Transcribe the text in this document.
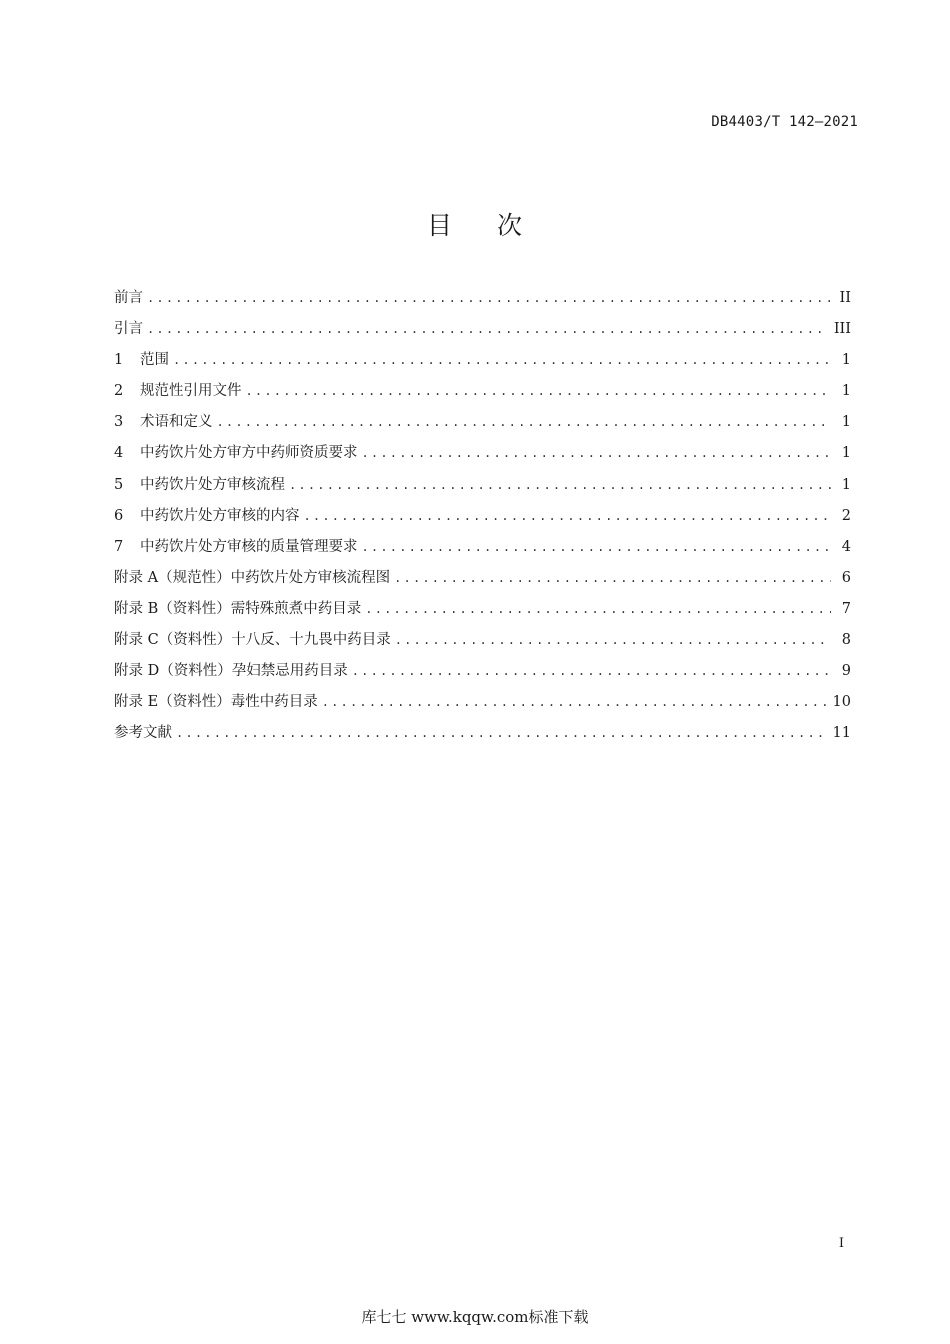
DB4403/T 142—2021
目 次
前言 .....	II
引言 .....	III
1	范围 .....	1
2	规范性引用文件 .....	1
3	术语和定义 .....	1
4	中药饮片处方审方中药师资质要求 .....	1
5	中药饮片处方审核流程 .....	1
6	中药饮片处方审核的内容 .....	2
7	中药饮片处方审核的质量管理要求 .....	4
附录 A（规范性） 中药饮片处方审核流程图 .....	6
附录 B（资料性） 需特殊煎煮中药目录 .....	7
附录 C（资料性） 十八反、十九畏中药目录 .....	8
附录 D（资料性） 孕妇禁忌用药目录 .....	9
附录 E（资料性） 毒性中药目录 .....	10
参考文献 .....	11
I
库七七 www.kqqw.com标准下载
